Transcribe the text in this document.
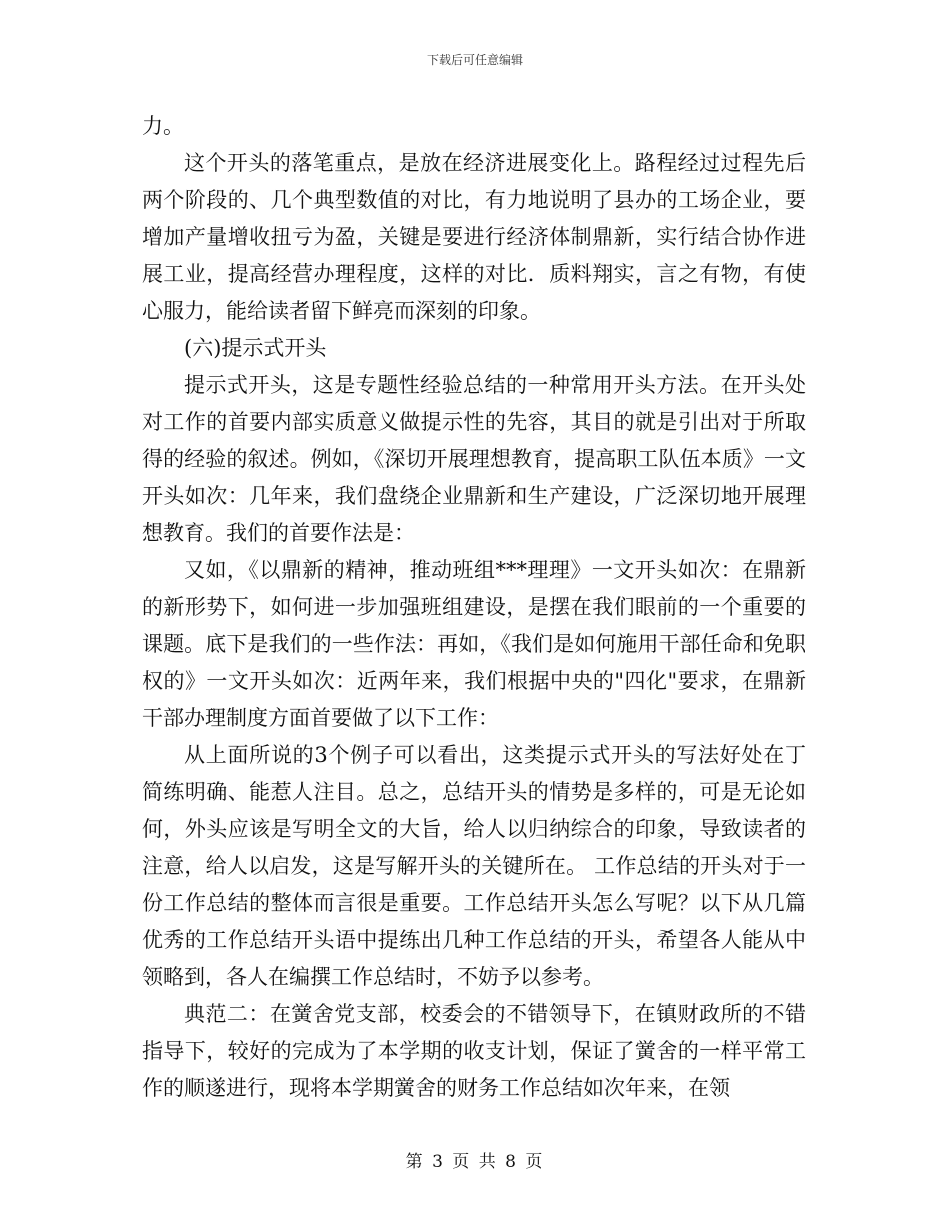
下载后可任意编辑

力。

这个开头的落笔重点，是放在经济进展变化上。路程经过过程先后两个阶段的、几个典型数值的对比，有力地说明了县办的工场企业，要增加产量增收扭亏为盈，关键是要进行经济体制鼎新，实行结合协作进展工业，提高经营办理程度，这样的对比．质料翔实，言之有物，有使心服力，能给读者留下鲜亮而深刻的印象。

(六)提示式开头

提示式开头，这是专题性经验总结的一种常用开头方法。在开头处对工作的首要内部实质意义做提示性的先容，其目的就是引出对于所取得的经验的叙述。例如，《深切开展理想教育，提高职工队伍本质》一文开头如次：几年来，我们盘绕企业鼎新和生产建设，广泛深切地开展理想教育。我们的首要作法是：

又如，《以鼎新的精神，推动班组***理理》一文开头如次：在鼎新的新形势下，如何进一步加强班组建设，是摆在我们眼前的一个重要的课题。底下是我们的一些作法：再如，《我们是如何施用干部任命和免职权的》一文开头如次：近两年来，我们根据中央的"四化"要求，在鼎新干部办理制度方面首要做了以下工作：

从上面所说的3个例子可以看出，这类提示式开头的写法好处在丁简练明确、能惹人注目。总之，总结开头的情势是多样的，可是无论如何，外头应该是写明全文的大旨，给人以归纳综合的印象，导致读者的注意，给人以启发，这是写解开头的关键所在。 工作总结的开头对于一份工作总结的整体而言很是重要。工作总结开头怎么写呢？以下从几篇优秀的工作总结开头语中提练出几种工作总结的开头，希望各人能从中领略到，各人在编撰工作总结时，不妨予以参考。

典范二：在黉舍党支部，校委会的不错领导下，在镇财政所的不错指导下，较好的完成为了本学期的收支计划，保证了黉舍的一样平常工作的顺遂进行，现将本学期黉舍的财务工作总结如次年来，在领

第 3 页 共 8 页
